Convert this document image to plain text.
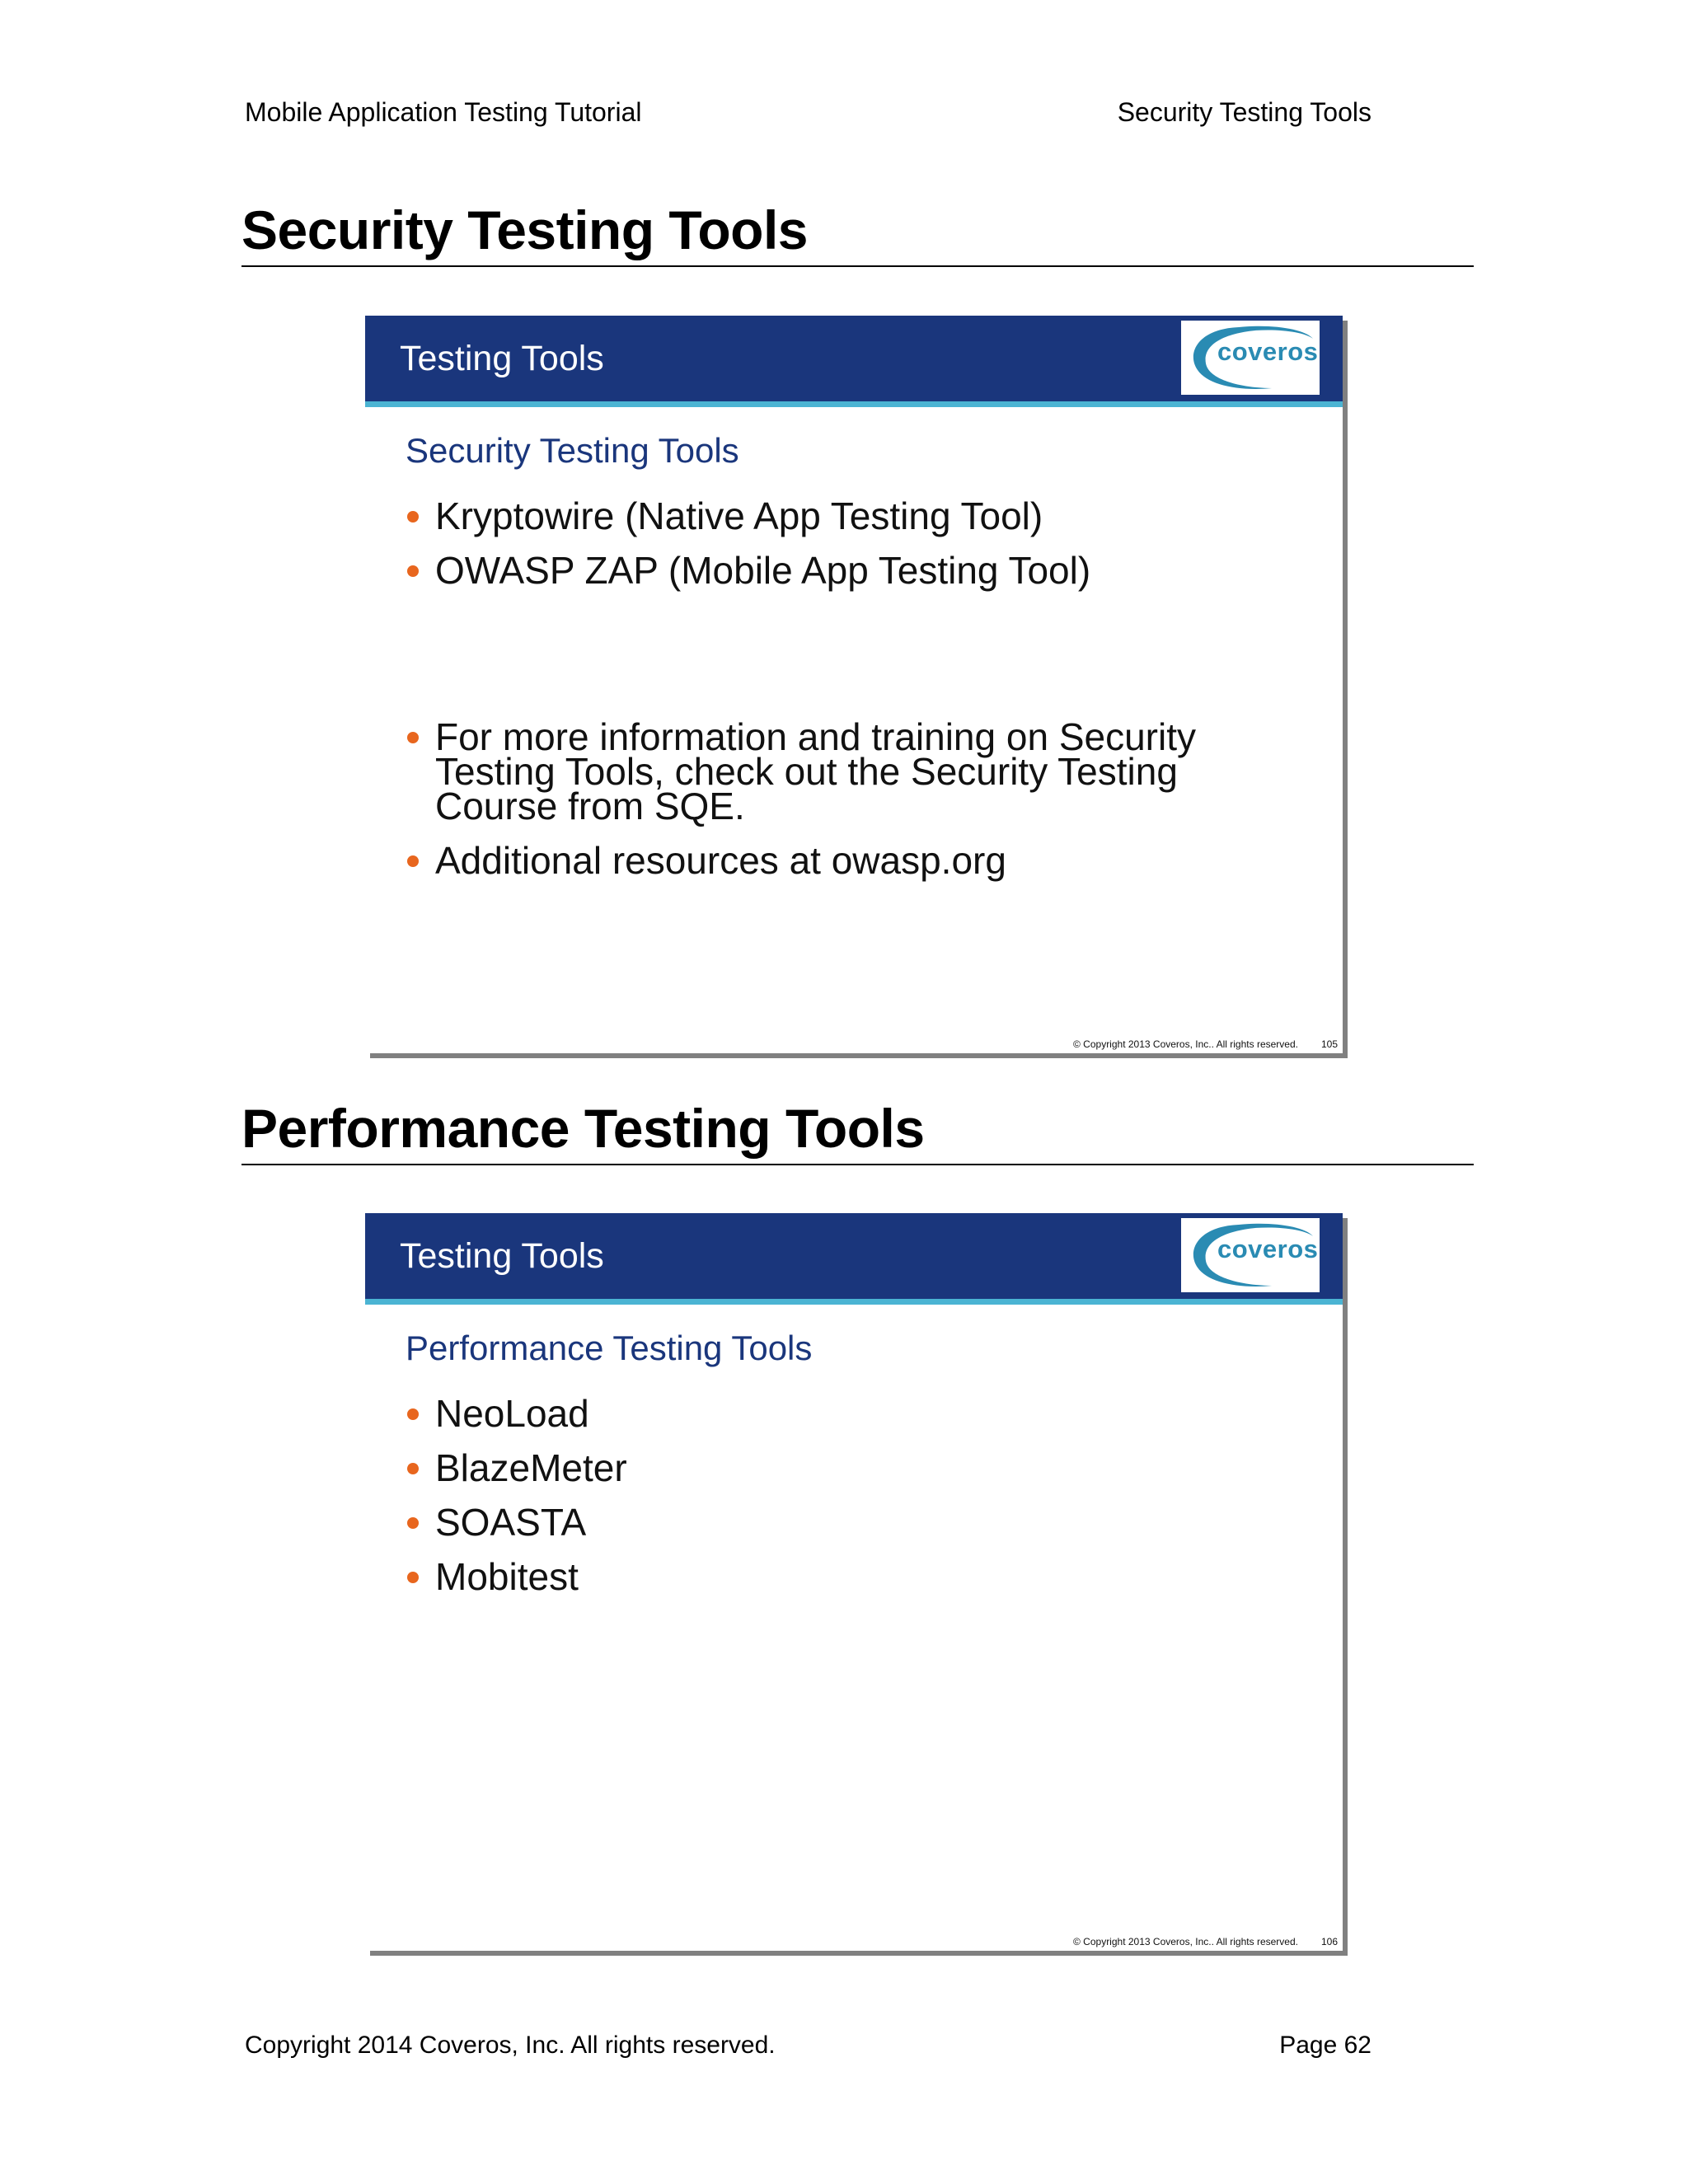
Mobile Application Testing Tutorial	Security Testing Tools
Security Testing Tools
Testing Tools	coveros
Security Testing Tools
Kryptowire (Native App Testing Tool)
OWASP ZAP (Mobile App Testing Tool)
For more information and training on Security Testing Tools, check out the Security Testing Course from SQE.
Additional resources at owasp.org
© Copyright 2013 Coveros, Inc.. All rights reserved. 105
Performance Testing Tools
Testing Tools	coveros
Performance Testing Tools
NeoLoad
BlazeMeter
SOASTA
Mobitest
© Copyright 2013 Coveros, Inc.. All rights reserved. 106
Copyright 2014 Coveros, Inc. All rights reserved.	Page 62
